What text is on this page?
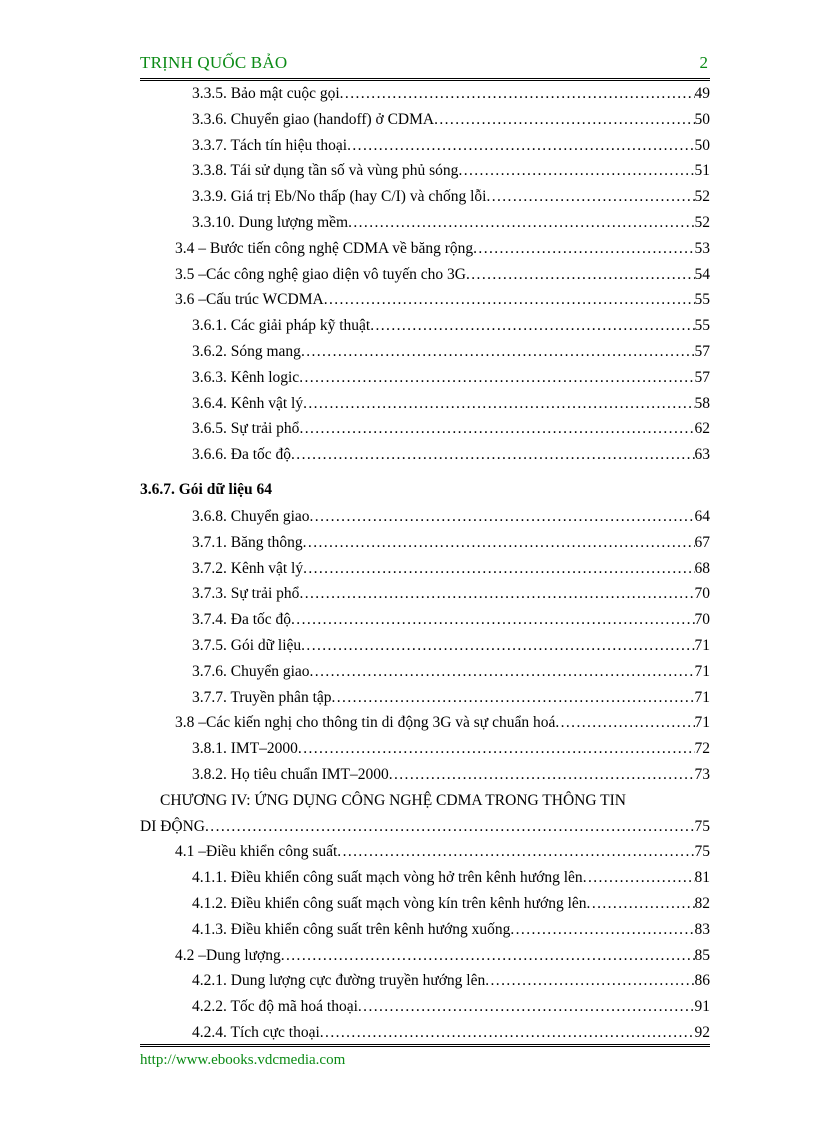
TRỊNH QUỐC BẢO	2
3.3.5. Bảo mật cuộc gọi .....	49
3.3.6. Chuyển giao (handoff) ở CDMA .....	50
3.3.7. Tách tín hiệu thoại .....	50
3.3.8. Tái sử dụng tần số và vùng phủ sóng .....	51
3.3.9. Giá trị Eb/No thấp (hay C/I) và chống lỗi .....	52
3.3.10. Dung lượng mềm .....	52
3.4 – Bước tiến công nghệ CDMA về băng rộng .....	53
3.5 –Các công nghệ giao diện vô tuyến cho 3G .....	54
3.6 –Cấu trúc WCDMA .....	55
3.6.1. Các giải pháp kỹ thuật .....	55
3.6.2. Sóng mang .....	57
3.6.3. Kênh logic .....	57
3.6.4. Kênh vật lý .....	58
3.6.5. Sự trải phổ .....	62
3.6.6. Đa tốc độ .....	63
3.6.7. Gói dữ liệu 64
3.6.8. Chuyển giao .....	64
3.7.1. Băng thông .....	67
3.7.2. Kênh vật lý .....	68
3.7.3. Sự trải phổ .....	70
3.7.4. Đa tốc độ .....	70
3.7.5. Gói dữ liệu .....	71
3.7.6. Chuyển giao .....	71
3.7.7. Truyền phân tập .....	71
3.8 –Các kiến nghị cho thông tin di động 3G và sự chuẩn hoá .....	71
3.8.1. IMT–2000 .....	72
3.8.2. Họ tiêu chuẩn IMT–2000 .....	73
CHƯƠNG IV: ỨNG DỤNG CÔNG NGHỆ CDMA TRONG THÔNG TIN
DI ĐỘNG .....	75
4.1 –Điều khiển công suất .....	75
4.1.1. Điều khiển công suất mạch vòng hở trên kênh hướng lên .....	81
4.1.2. Điều khiển công suất mạch vòng kín trên kênh hướng lên .....	82
4.1.3. Điều khiển công suất trên kênh hướng xuống .....	83
4.2 –Dung lượng .....	85
4.2.1. Dung lượng cực đường truyền hướng lên .....	86
4.2.2. Tốc độ mã hoá thoại .....	91
4.2.4. Tích cực thoại .....	92
http://www.ebooks.vdcmedia.com
